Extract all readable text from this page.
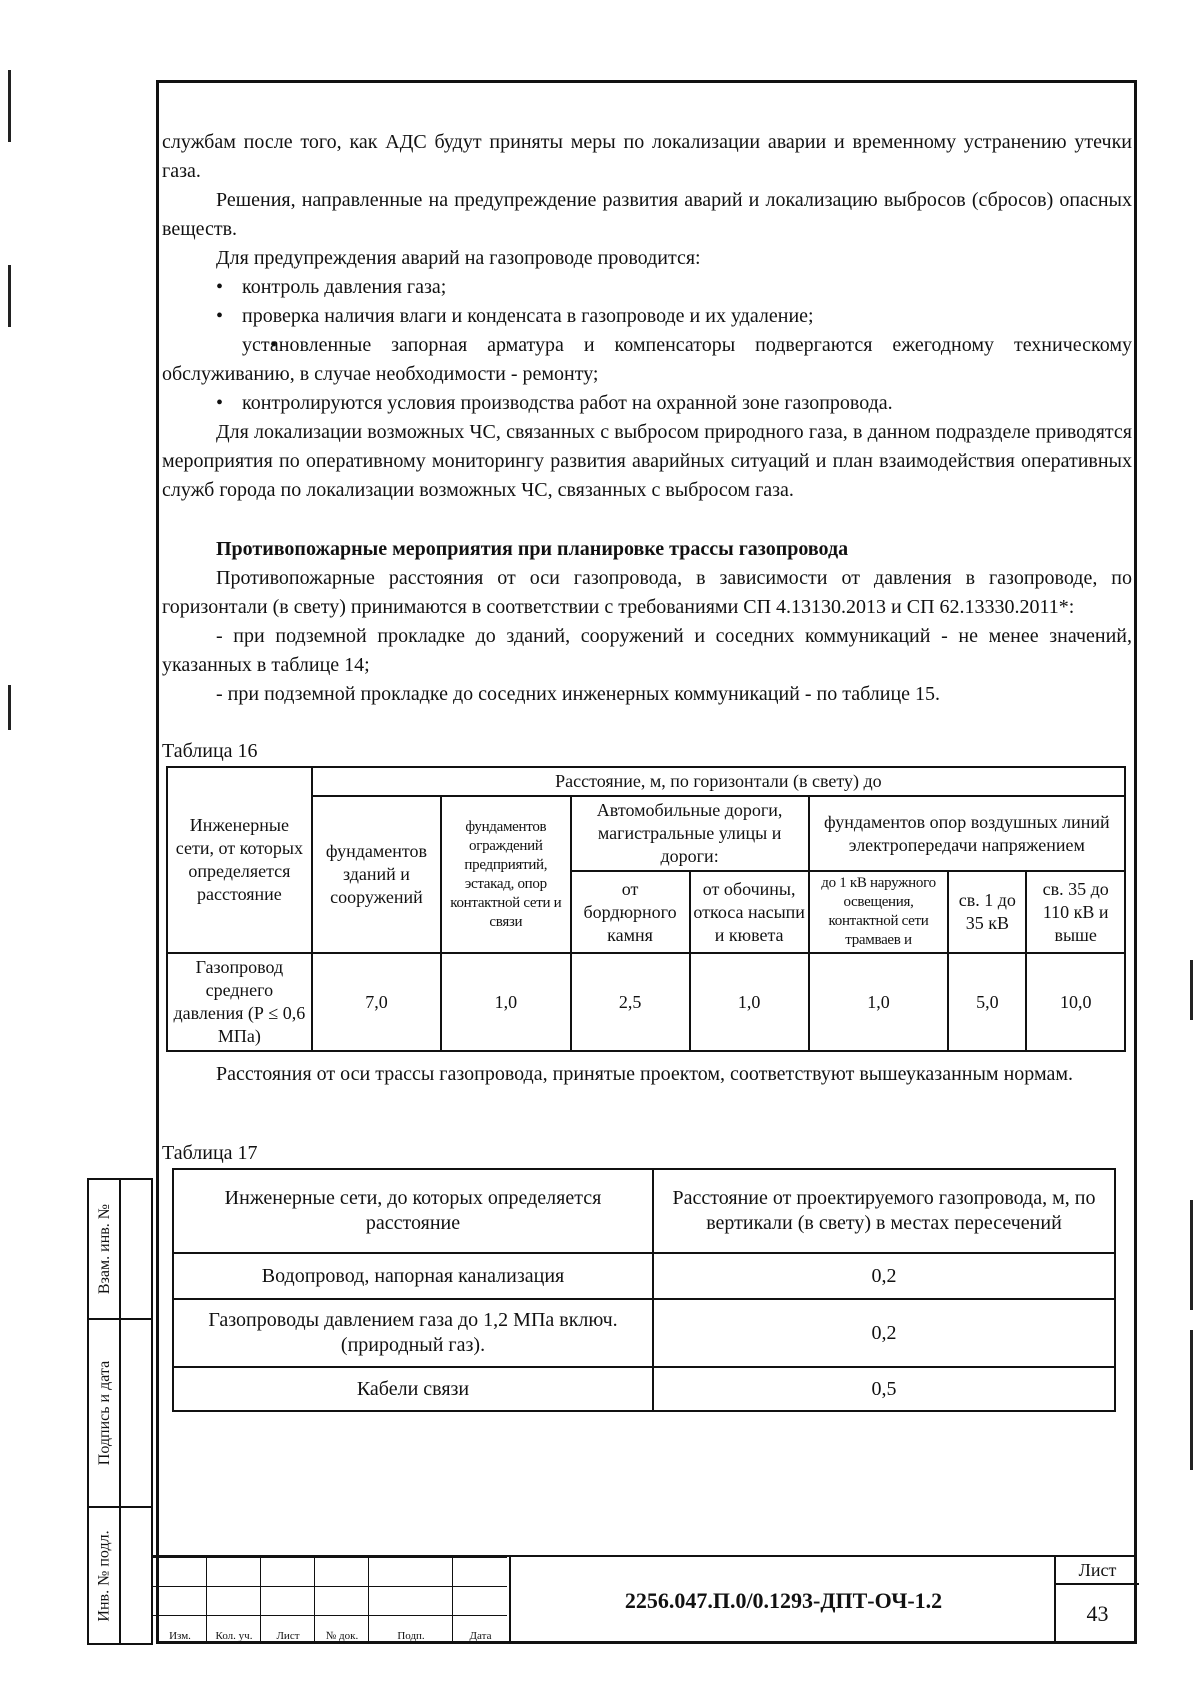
службам после того, как АДС будут приняты меры по локализации аварии и временному устранению утечки газа.

Решения, направленные на предупреждение развития аварий и локализацию выбросов (сбросов) опасных веществ.

Для предупреждения аварий на газопроводе проводится:

• контроль давления газа;

• проверка наличия влаги и конденсата в газопроводе и их удаление;

• установленные запорная арматура и компенсаторы подвергаются ежегодному техническому обслуживанию, в случае необходимости - ремонту;

• контролируются условия производства работ на охранной зоне газопровода.

Для локализации возможных ЧС, связанных с выбросом природного газа, в данном подразделе приводятся мероприятия по оперативному мониторингу развития аварийных ситуаций и план взаимодействия оперативных служб города по локализации возможных ЧС, связанных с выбросом газа.

Противопожарные мероприятия при планировке трассы газопровода

Противопожарные расстояния от оси газопровода, в зависимости от давления в газопроводе, по горизонтали (в свету) принимаются в соответствии с требованиями СП 4.13130.2013 и СП 62.13330.2011*:

- при подземной прокладке до зданий, сооружений и соседних коммуникаций - не менее значений, указанных в таблице 14;

- при подземной прокладке до соседних инженерных коммуникаций - по таблице 15.

Таблица 16

Инженерные сети, от которых определяется расстояние	Расстояние, м, по горизонтали (в свету) до						
	фундаментов зданий и сооружений	фундаментов ограждений предприятий, эстакад, опор контактной сети и связи	Автомобильные дороги, магистральные улицы и дороги:		фундаментов опор воздушных линий электропередачи напряжением		
			от бордюрного камня	от обочины, откоса насыпи и кювета	до 1 кВ наружного освещения, контактной сети трамваев и	св. 1 до 35 кВ	св. 35 до 110 кВ и выше
Газопровод среднего давления (Р ≤ 0,6 МПа)	7,0	1,0	2,5	1,0	1,0	5,0	10,0

Расстояния от оси трассы газопровода, принятые проектом, соответствуют вышеуказанным нормам.

Таблица 17

Инженерные сети, до которых определяется расстояние	Расстояние от проектируемого газопровода, м, по вертикали (в свету) в местах пересечений
Водопровод, напорная канализация	0,2
Газопроводы давлением газа до 1,2 МПа включ. (природный газ).	0,2
Кабели связи	0,5
Взам. инв. №
Подпись и дата
Инв. № подл.
Изм.	Кол. уч.	Лист	№ док.	Подп.	Дата
2256.047.П.0/0.1293-ДПТ-ОЧ-1.2
Лист
43
